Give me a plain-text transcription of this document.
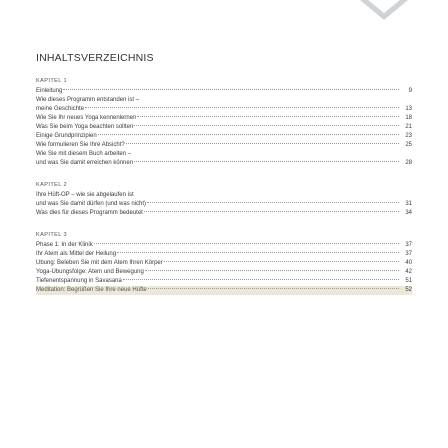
INHALTSVERZEICHNIS
KAPITEL 1
Einleitung	9
Wie dieses Programm entstanden ist –
meine Geschichte	13
Wie Sie Ihr neues Yoga kennenlernen	18
Was Sie beim Yoga beachten sollten	21
Einige Grundprinzipien	23
Wie formulieren Sie Ihre Absicht?	25
Wie Sie mit diesem Buch arbeiten –
und was Sie damit erreichen können	28
KAPITEL 2
Ihre Hüft-OP – wie sie abgelaufen ist
und was Sie damit dürfen (und was nicht)	31
Was dies für dieses Programm bedeutet	34
KAPITEL 3
Phase 1: In der Klinik	37
Ihr Atem als Mittel der Heilung	37
Übung: Beleben Sie mit dem Atem Ihren Körper	40
Yoga-Übungsfolge: Atem und Bewegung	42
Tiefenentspannung in Savasana	51
Meditation: Begrüßen Sie Ihre neue Hüfte	52
